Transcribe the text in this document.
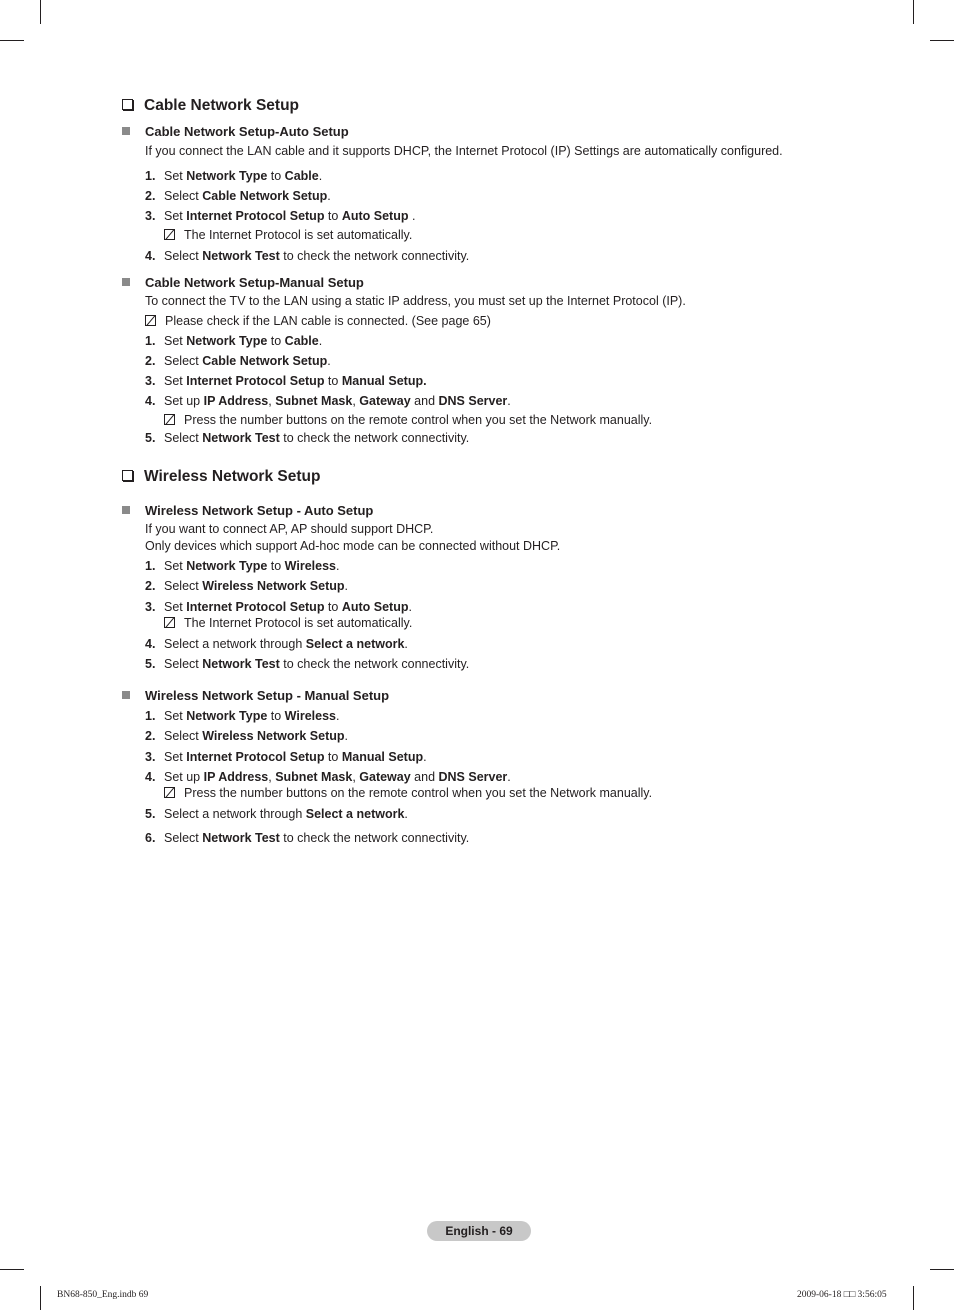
Cable Network Setup
Cable Network Setup-Auto Setup
If you connect the LAN cable and it supports DHCP, the Internet Protocol (IP) Settings are automatically configured.
1. Set Network Type to Cable.
2. Select Cable Network Setup.
3. Set Internet Protocol Setup to Auto Setup .
The Internet Protocol is set automatically.
4. Select Network Test to check the network connectivity.
Cable Network Setup-Manual Setup
To connect the TV to the LAN using a static IP address, you must set up the Internet Protocol (IP).
Please check if the LAN cable is connected. (See page 65)
1. Set Network Type to Cable.
2. Select Cable Network Setup.
3. Set Internet Protocol Setup to Manual Setup.
4. Set up IP Address, Subnet Mask, Gateway and DNS Server.
Press the number buttons on the remote control when you set the Network manually.
5. Select Network Test to check the network connectivity.
Wireless Network Setup
Wireless Network Setup - Auto Setup
If you want to connect AP, AP should support DHCP.
Only devices which support Ad-hoc mode can be connected without DHCP.
1. Set Network Type to Wireless.
2. Select Wireless Network Setup.
3. Set Internet Protocol Setup to Auto Setup.
The Internet Protocol is set automatically.
4. Select a network through Select a network.
5. Select Network Test to check the network connectivity.
Wireless Network Setup - Manual Setup
1. Set Network Type to Wireless.
2. Select Wireless Network Setup.
3. Set Internet Protocol Setup to Manual Setup.
4. Set up IP Address, Subnet Mask, Gateway and DNS Server.
Press the number buttons on the remote control when you set the Network manually.
5. Select a network through Select a network.
6. Select Network Test to check the network connectivity.
English - 69
BN68-850_Eng.indb 69	2009-06-18 □□ 3:56:05
